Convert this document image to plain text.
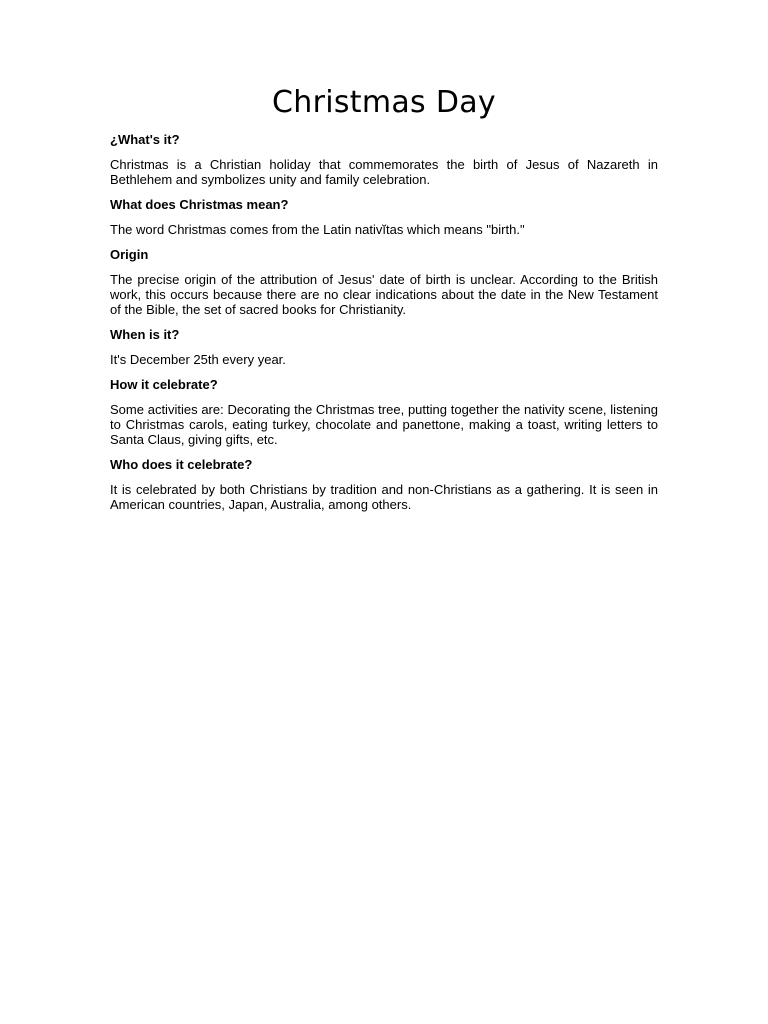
Christmas Day
¿What's it?
Christmas is a Christian holiday that commemorates the birth of Jesus of Nazareth in Bethlehem and symbolizes unity and family celebration.
What does Christmas mean?
The word Christmas comes from the Latin nativĭtas which means "birth."
Origin
The precise origin of the attribution of Jesus' date of birth is unclear. According to the British work, this occurs because there are no clear indications about the date in the New Testament of the Bible, the set of sacred books for Christianity.
When is it?
It's December 25th every year.
How it celebrate?
Some activities are: Decorating the Christmas tree, putting together the nativity scene, listening to Christmas carols, eating turkey, chocolate and panettone, making a toast, writing letters to Santa Claus, giving gifts, etc.
Who does it celebrate?
It is celebrated by both Christians by tradition and non-Christians as a gathering. It is seen in American countries, Japan, Australia, among others.
